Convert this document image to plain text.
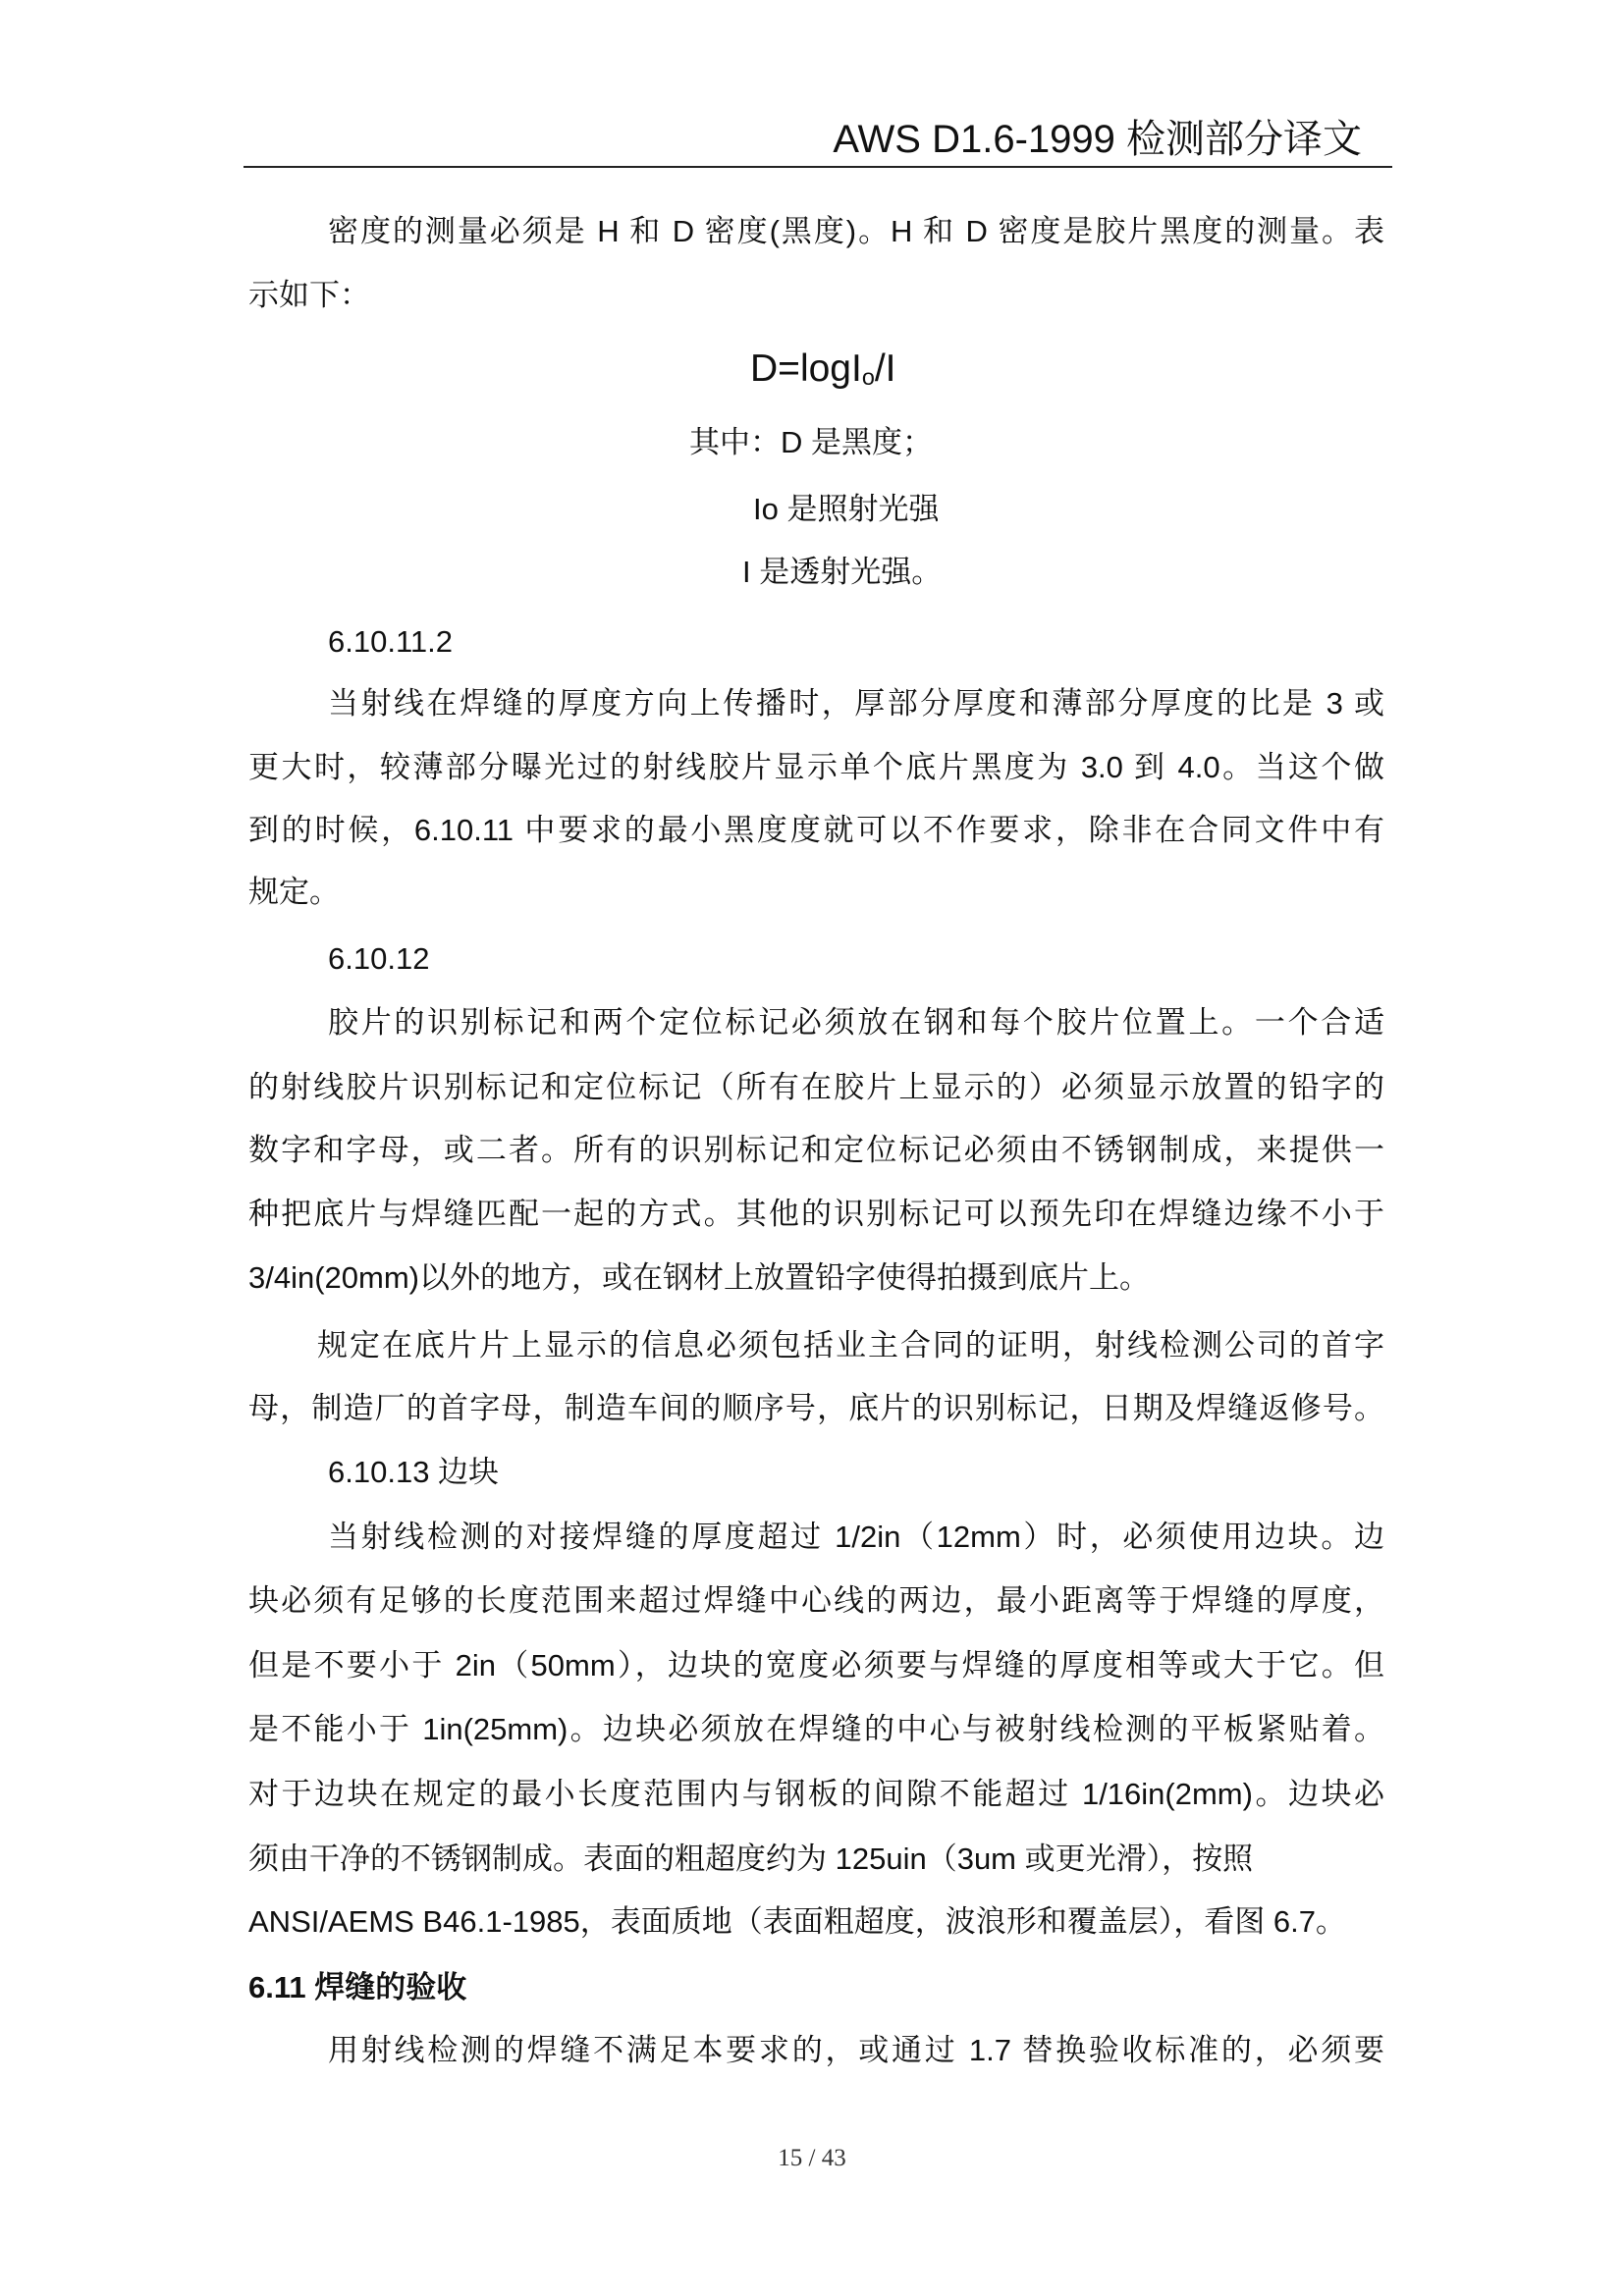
AWS D1.6-1999 检测部分译文
密度的测量必须是 H 和 D 密度(黑度)。H 和 D 密度是胶片黑度的测量。表
示如下：
D=logI$_o$/I
其中：D 是黑度；
Io 是照射光强
I 是透射光强。
6.10.11.2
当射线在焊缝的厚度方向上传播时，厚部分厚度和薄部分厚度的比是 3 或
更大时，较薄部分曝光过的射线胶片显示单个底片黑度为 3.0 到 4.0。当这个做
到的时候，6.10.11 中要求的最小黑度度就可以不作要求，除非在合同文件中有
规定。
6.10.12
胶片的识别标记和两个定位标记必须放在钢和每个胶片位置上。一个合适
的射线胶片识别标记和定位标记（所有在胶片上显示的）必须显示放置的铅字的
数字和字母，或二者。所有的识别标记和定位标记必须由不锈钢制成，来提供一
种把底片与焊缝匹配一起的方式。其他的识别标记可以预先印在焊缝边缘不小于
3/4in(20mm)以外的地方，或在钢材上放置铅字使得拍摄到底片上。
规定在底片片上显示的信息必须包括业主合同的证明，射线检测公司的首字
母，制造厂的首字母，制造车间的顺序号，底片的识别标记，日期及焊缝返修号。
6.10.13 边块
当射线检测的对接焊缝的厚度超过 1/2in（12mm）时，必须使用边块。边
块必须有足够的长度范围来超过焊缝中心线的两边，最小距离等于焊缝的厚度，
但是不要小于 2in（50mm），边块的宽度必须要与焊缝的厚度相等或大于它。但
是不能小于 1in(25mm)。边块必须放在焊缝的中心与被射线检测的平板紧贴着。
对于边块在规定的最小长度范围内与钢板的间隙不能超过 1/16in(2mm)。边块必
须由干净的不锈钢制成。表面的粗超度约为 125uin（3um 或更光滑），按照
ANSI/AEMS B46.1-1985，表面质地（表面粗超度，波浪形和覆盖层），看图 6.7。
6.11 焊缝的验收
用射线检测的焊缝不满足本要求的，或通过 1.7 替换验收标准的，必须要
15 / 43
